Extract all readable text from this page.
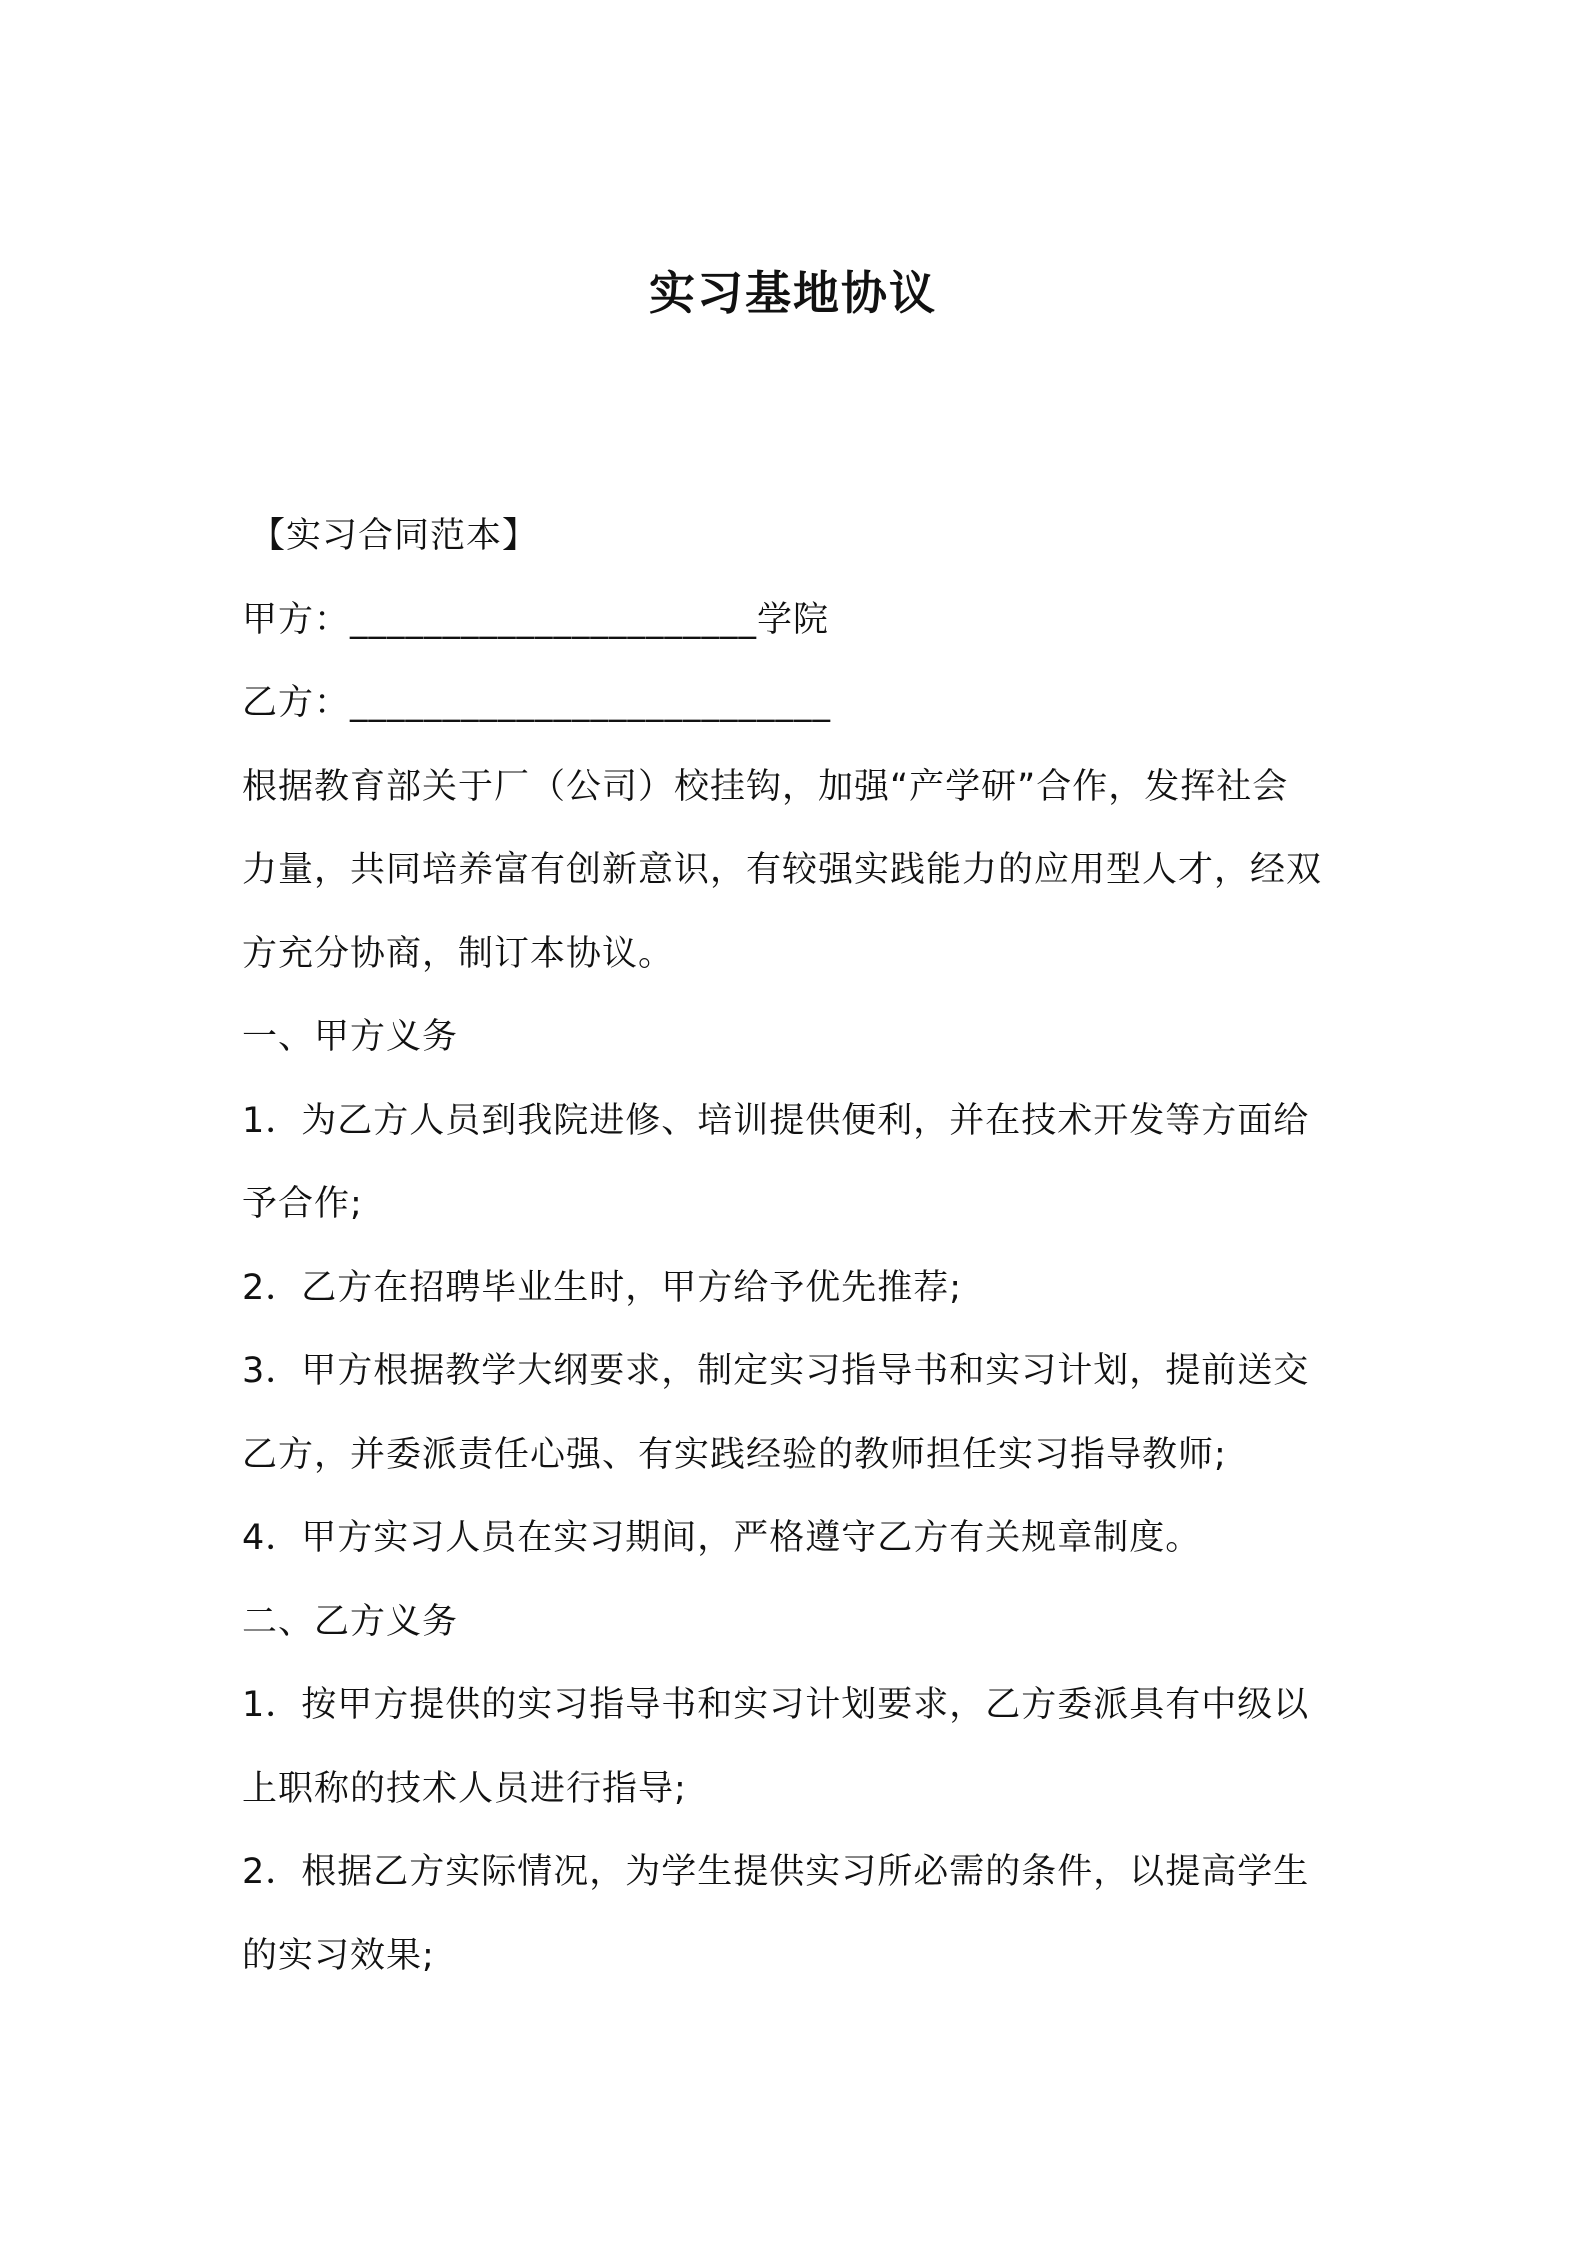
实习基地协议
【实习合同范本】
甲方：______________________学院
乙方：__________________________
根据教育部关于厂（公司）校挂钩，加强“产学研”合作，发挥社会
力量，共同培养富有创新意识，有较强实践能力的应用型人才，经双
方充分协商，制订本协议。
一、甲方义务
1．为乙方人员到我院进修、培训提供便利，并在技术开发等方面给
予合作;
2．乙方在招聘毕业生时，甲方给予优先推荐;
3．甲方根据教学大纲要求，制定实习指导书和实习计划，提前送交
乙方，并委派责任心强、有实践经验的教师担任实习指导教师;
4．甲方实习人员在实习期间，严格遵守乙方有关规章制度。
二、乙方义务
1．按甲方提供的实习指导书和实习计划要求，乙方委派具有中级以
上职称的技术人员进行指导;
2．根据乙方实际情况，为学生提供实习所必需的条件，以提高学生
的实习效果;
